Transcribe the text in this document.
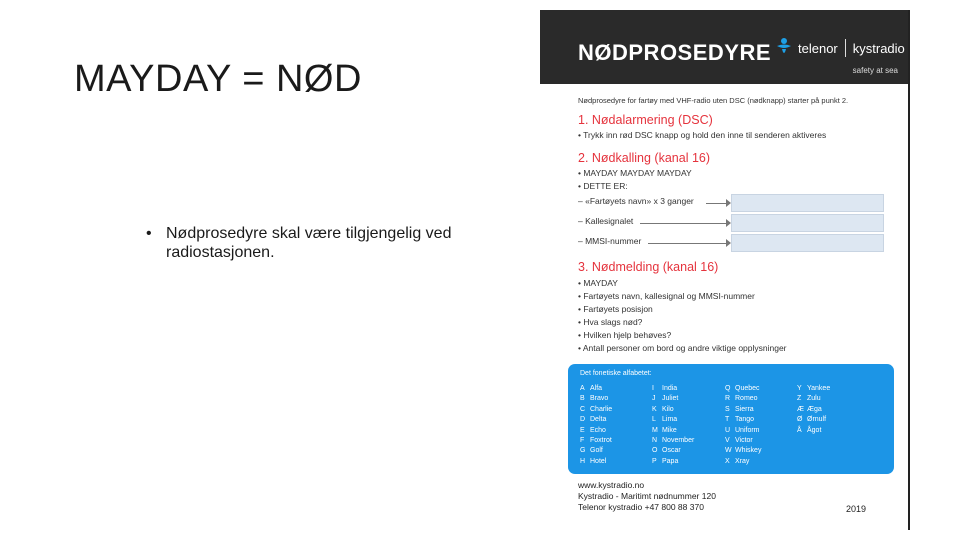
MAYDAY = NØD
• Nødprosedyre skal være tilgjengelig ved radiostasjonen.
NØDPROSEDYRE telenor kystradio
safety at sea
Nødprosedyre for fartøy med VHF-radio uten DSC (nødknapp) starter på punkt 2.
1. Nødalarmering (DSC)
• Trykk inn rød DSC knapp og hold den inne til senderen aktiveres
2. Nødkalling (kanal 16)
• MAYDAY MAYDAY MAYDAY
• DETTE ER:
– «Fartøyets navn» x 3 ganger
– Kallesignalet
– MMSI-nummer
3. Nødmelding (kanal 16)
• MAYDAY
• Fartøyets navn, kallesignal og MMSI-nummer
• Fartøyets posisjon
• Hva slags nød?
• Hvilken hjelp behøves?
• Antall personer om bord og andre viktige opplysninger
Det fonetiske alfabetet:
A Alfa
B Bravo
C Charlie
D Delta
E Echo
F Foxtrot
G Golf
H Hotel
I	India
J Juliet
K Kilo
L Lima
M Mike
N November
O Oscar
P Papa
Q Quebec
R Romeo
S Sierra
T Tango
U Uniform
V Victor
W Whiskey
X Xray
Y Yankee
Z Zulu
Æ Æga
Ø Ørnulf
Å Ågot
www.kystradio.no
Kystradio - Maritimt nødnummer 120
Telenor kystradio +47 800 88 370	2019
